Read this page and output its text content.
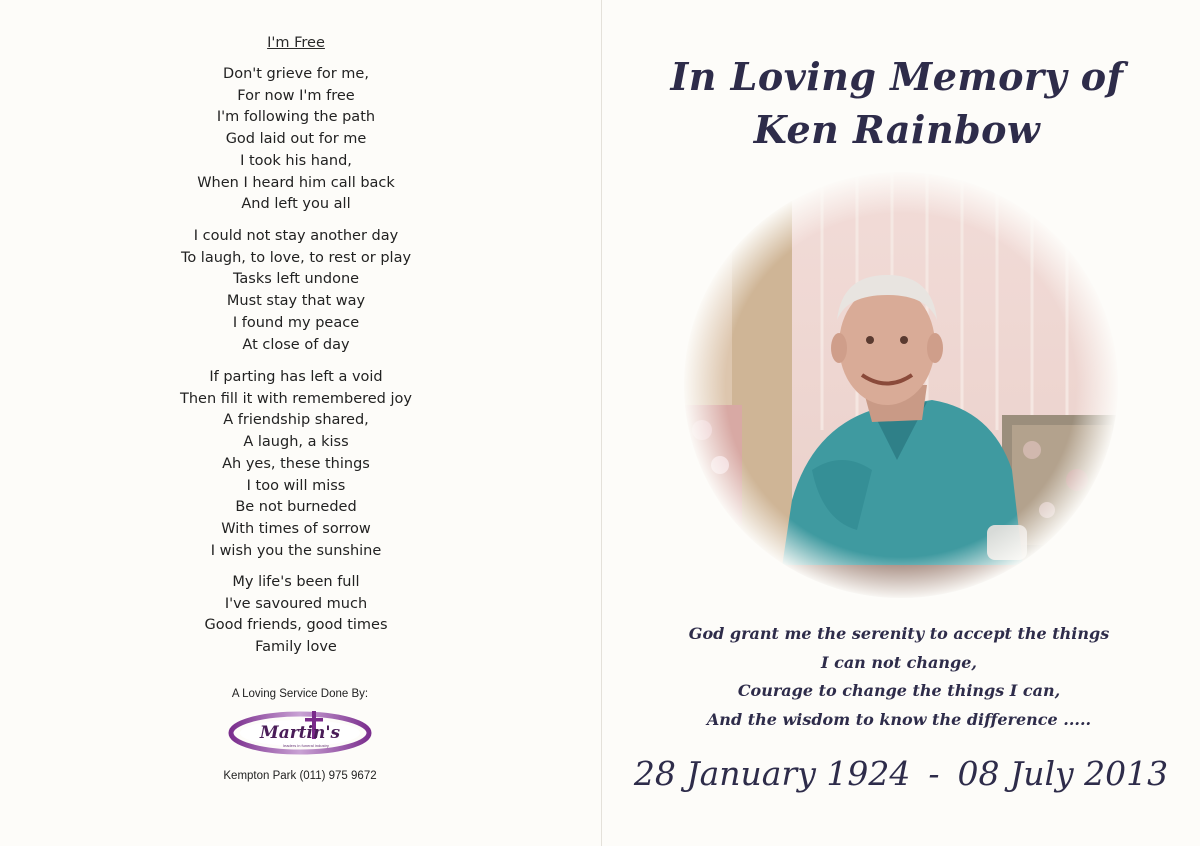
I'm Free
Don't grieve for me,
For now I'm free
I'm following the path
God laid out for me
I took his hand,
When I heard him call back
And left you all
I could not stay another day
To laugh, to love, to rest or play
Tasks left undone
Must stay that way
I found my peace
At close of day
If parting has left a void
Then fill it with remembered joy
A friendship shared,
A laugh, a kiss
Ah yes, these things
I too will miss
Be not burneded
With times of sorrow
I wish you the sunshine
My life's been full
I've savoured much
Good friends, good times
Family love
A Loving Service Done By:
Martin's
leaders in funeral industry
Kempton Park (011) 975 9672
In Loving Memory of
Ken Rainbow
God grant me the serenity to accept the things
I can not change,
Courage to change the things I can,
And the wisdom to know the difference .....
28 January 1924 - 08 July 2013
